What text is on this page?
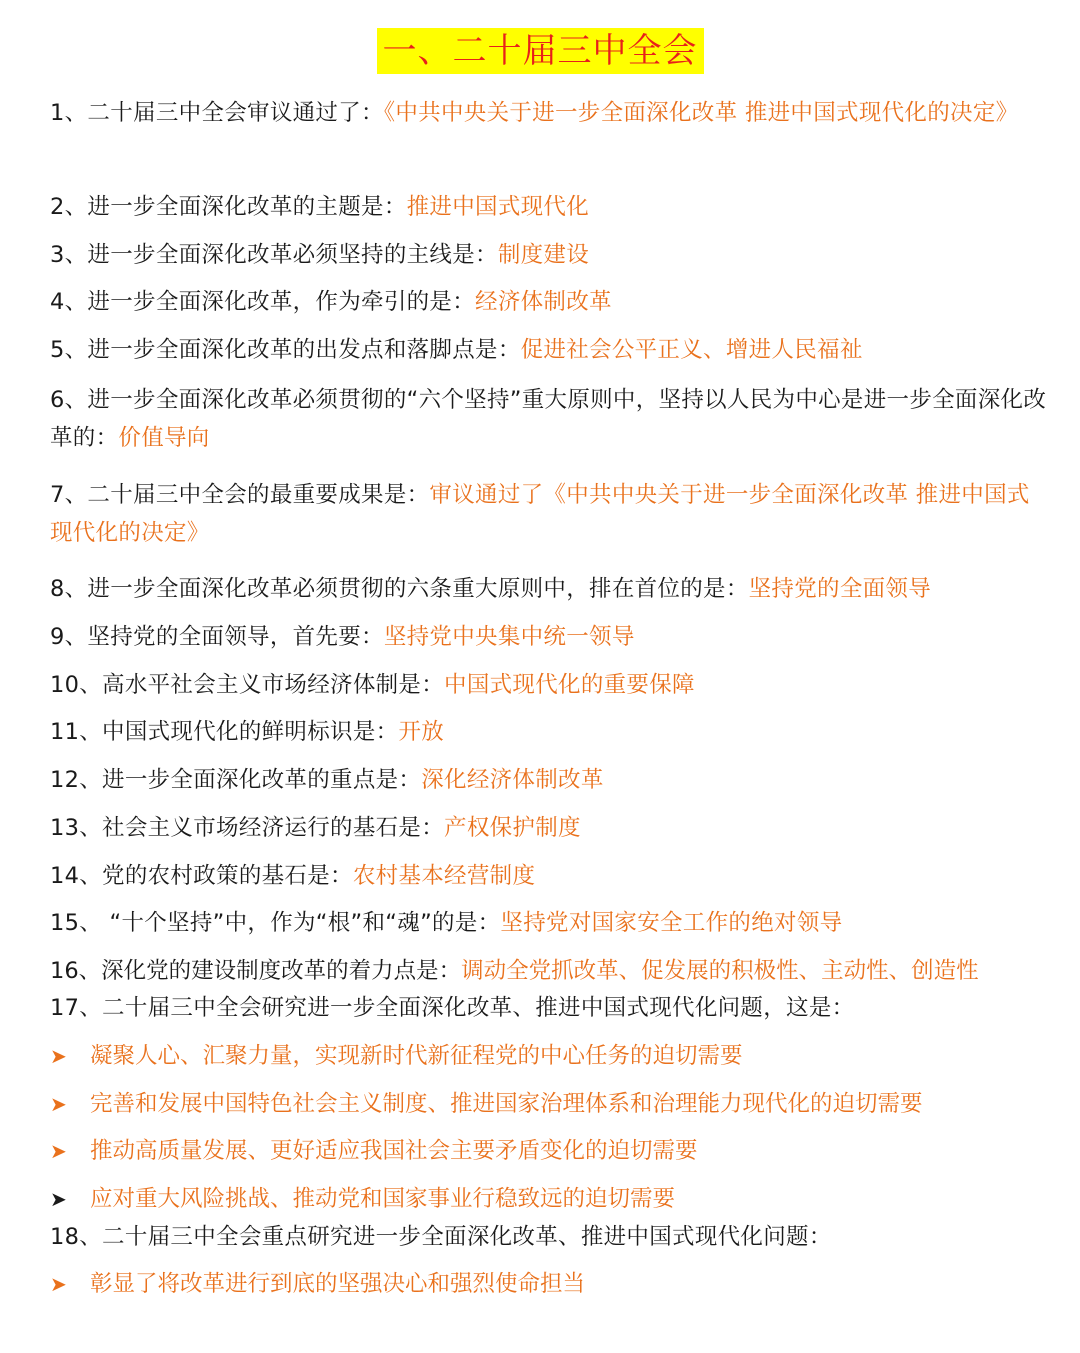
一、二十届三中全会
1、二十届三中全会审议通过了：《中共中央关于进一步全面深化改革 推进中国式现代化的决定》
2、进一步全面深化改革的主题是：推进中国式现代化
3、进一步全面深化改革必须坚持的主线是：制度建设
4、进一步全面深化改革，作为牵引的是：经济体制改革
5、进一步全面深化改革的出发点和落脚点是：促进社会公平正义、增进人民福祉
6、进一步全面深化改革必须贯彻的“六个坚持”重大原则中，坚持以人民为中心是进一步全面深化改革的：价值导向
7、二十届三中全会的最重要成果是：审议通过了《中共中央关于进一步全面深化改革 推进中国式现代化的决定》
8、进一步全面深化改革必须贯彻的六条重大原则中，排在首位的是：坚持党的全面领导
9、坚持党的全面领导，首先要：坚持党中央集中统一领导
10、高水平社会主义市场经济体制是：中国式现代化的重要保障
11、中国式现代化的鲜明标识是：开放
12、进一步全面深化改革的重点是：深化经济体制改革
13、社会主义市场经济运行的基石是：产权保护制度
14、党的农村政策的基石是：农村基本经营制度
15、 “十个坚持”中，作为“根”和“魂”的是：坚持党对国家安全工作的绝对领导
16、深化党的建设制度改革的着力点是：调动全党抓改革、促发展的积极性、主动性、创造性
17、二十届三中全会研究进一步全面深化改革、推进中国式现代化问题，这是：
➤ 凝聚人心、汇聚力量，实现新时代新征程党的中心任务的迫切需要
➤ 完善和发展中国特色社会主义制度、推进国家治理体系和治理能力现代化的迫切需要
➤ 推动高质量发展、更好适应我国社会主要矛盾变化的迫切需要
➤ 应对重大风险挑战、推动党和国家事业行稳致远的迫切需要
18、二十届三中全会重点研究进一步全面深化改革、推进中国式现代化问题：
➤ 彰显了将改革进行到底的坚强决心和强烈使命担当
